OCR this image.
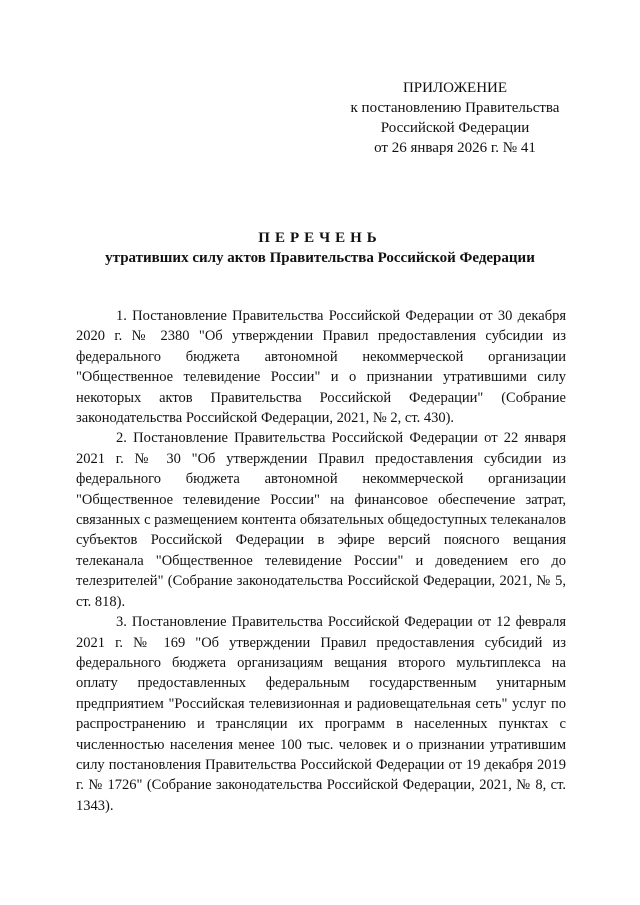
ПРИЛОЖЕНИЕ
к постановлению Правительства
Российской Федерации
от 26 января 2026 г. № 41
ПЕРЕЧЕНЬ
утративших силу актов Правительства Российской Федерации

1. Постановление Правительства Российской Федерации от 30 декабря 2020 г. № 2380 "Об утверждении Правил предоставления субсидии из федерального бюджета автономной некоммерческой организации "Общественное телевидение России" и о признании утратившими силу некоторых актов Правительства Российской Федерации" (Собрание законодательства Российской Федерации, 2021, № 2, ст. 430).

2. Постановление Правительства Российской Федерации от 22 января 2021 г. № 30 "Об утверждении Правил предоставления субсидии из федерального бюджета автономной некоммерческой организации "Общественное телевидение России" на финансовое обеспечение затрат, связанных с размещением контента обязательных общедоступных телеканалов субъектов Российской Федерации в эфире версий поясного вещания телеканала "Общественное телевидение России" и доведением его до телезрителей" (Собрание законодательства Российской Федерации, 2021, № 5, ст. 818).

3. Постановление Правительства Российской Федерации от 12 февраля 2021 г. № 169 "Об утверждении Правил предоставления субсидий из федерального бюджета организациям вещания второго мультиплекса на оплату предоставленных федеральным государственным унитарным предприятием "Российская телевизионная и радиовещательная сеть" услуг по распространению и трансляции их программ в населенных пунктах с численностью населения менее 100 тыс. человек и о признании утратившим силу постановления Правительства Российской Федерации от 19 декабря 2019 г. № 1726" (Собрание законодательства Российской Федерации, 2021, № 8, ст. 1343).
